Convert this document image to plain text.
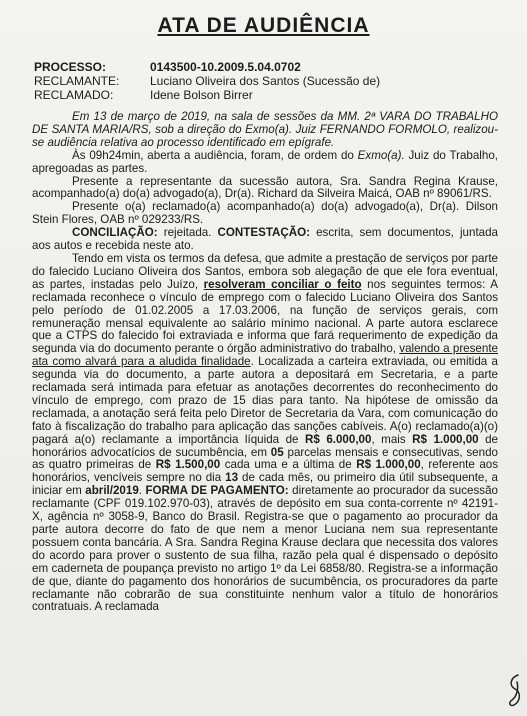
ATA DE AUDIÊNCIA
PROCESSO:	0143500-10.2009.5.04.0702
RECLAMANTE:	Luciano Oliveira dos Santos (Sucessão de)
RECLAMADO:	Idene Bolson Birrer

Em 13 de março de 2019, na sala de sessões da MM. 2ª VARA DO TRABALHO DE SANTA MARIA/RS, sob a direção do Exmo(a). Juiz FERNANDO FORMOLO, realizou-se audiência relativa ao processo identificado em epígrafe.

Às 09h24min, aberta a audiência, foram, de ordem do Exmo(a). Juiz do Trabalho, apregoadas as partes.

Presente a representante da sucessão autora, Sra. Sandra Regina Krause, acompanhado(a) do(a) advogado(a), Dr(a). Richard da Silveira Maicá, OAB nº 89061/RS.

Presente o(a) reclamado(a) acompanhado(a) do(a) advogado(a), Dr(a). Dilson Stein Flores, OAB nº 029233/RS.

CONCILIAÇÃO: rejeitada. CONTESTAÇÃO: escrita, sem documentos, juntada aos autos e recebida neste ato.

Tendo em vista os termos da defesa, que admite a prestação de serviços por parte do falecido Luciano Oliveira dos Santos, embora sob alegação de que ele fora eventual, as partes, instadas pelo Juízo, resolveram conciliar o feito nos seguintes termos: A reclamada reconhece o vínculo de emprego com o falecido Luciano Oliveira dos Santos pelo período de 01.02.2005 a 17.03.2006, na função de serviços gerais, com remuneração mensal equivalente ao salário mínimo nacional. A parte autora esclarece que a CTPS do falecido foi extraviada e informa que fará requerimento de expedição da segunda via do documento perante o órgão administrativo do trabalho, valendo a presente ata como alvará para a aludida finalidade. Localizada a carteira extraviada, ou emitida a segunda via do documento, a parte autora a depositará em Secretaria, e a parte reclamada será intimada para efetuar as anotações decorrentes do reconhecimento do vínculo de emprego, com prazo de 15 dias para tanto. Na hipótese de omissão da reclamada, a anotação será feita pelo Diretor de Secretaria da Vara, com comunicação do fato à fiscalização do trabalho para aplicação das sanções cabíveis. A(o) reclamado(a)(o) pagará a(o) reclamante a importância líquida de R$ 6.000,00, mais R$ 1.000,00 de honorários advocatícios de sucumbência, em 05 parcelas mensais e consecutivas, sendo as quatro primeiras de R$ 1.500,00 cada uma e a última de R$ 1.000,00, referente aos honorários, vencíveis sempre no dia 13 de cada mês, ou primeiro dia útil subsequente, a iniciar em abril/2019. FORMA DE PAGAMENTO: diretamente ao procurador da sucessão reclamante (CPF 019.102.970-03), através de depósito em sua conta-corrente nº 42191-X, agência nº 3058-9, Banco do Brasil. Registra-se que o pagamento ao procurador da parte autora decorre do fato de que nem a menor Luciana nem sua representante possuem conta bancária. A Sra. Sandra Regina Krause declara que necessita dos valores do acordo para prover o sustento de sua filha, razão pela qual é dispensado o depósito em caderneta de poupança previsto no artigo 1º da Lei 6858/80. Registra-se a informação de que, diante do pagamento dos honorários de sucumbência, os procuradores da parte reclamante não cobrarão de sua constituinte nenhum valor a título de honorários contratuais. A reclamada
